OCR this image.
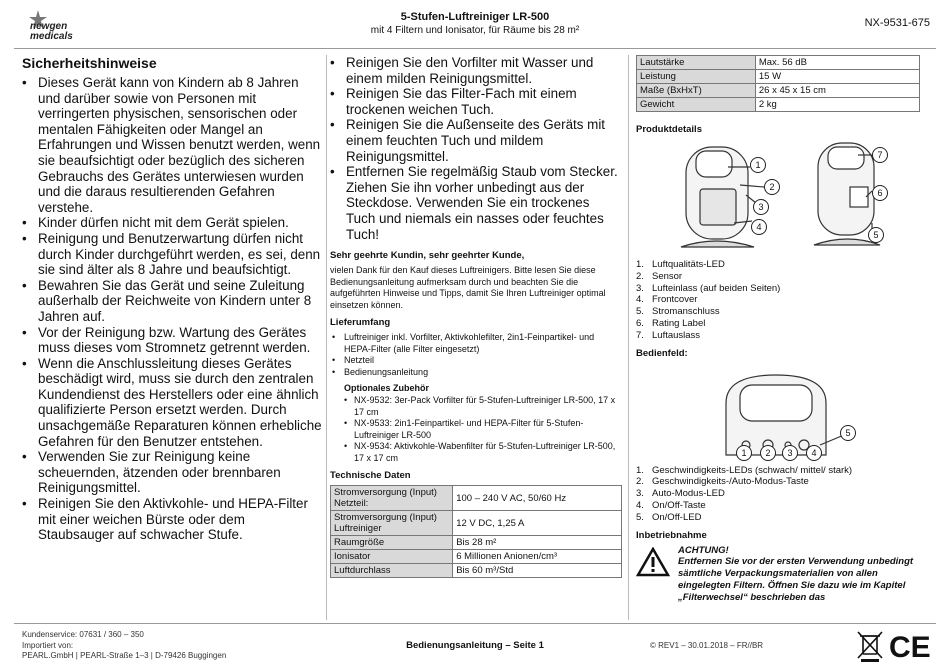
newgen
medicals
5-Stufen-Luftreiniger LR-500
mit 4 Filtern und Ionisator, für Räume bis 28 m²
NX-9531-675
Sicherheitshinweise
• Dieses Gerät kann von Kindern ab 8 Jahren und darüber sowie von Personen mit verringerten physischen, sensorischen oder mentalen Fähigkeiten oder Mangel an Erfahrungen und Wissen benutzt werden, wenn sie beaufsichtigt oder bezüglich des sicheren Gebrauchs des Gerätes unterwiesen wurden und die daraus resultierenden Gefahren verstehe.
• Kinder dürfen nicht mit dem Gerät spielen.
• Reinigung und Benutzerwartung dürfen nicht durch Kinder durchgeführt werden, es sei, denn sie sind älter als 8 Jahre und beaufsichtigt.
• Bewahren Sie das Gerät und seine Zuleitung außerhalb der Reichweite von Kindern unter 8 Jahren auf.
• Vor der Reinigung bzw. Wartung des Gerätes muss dieses vom Stromnetz getrennt werden.
• Wenn die Anschlussleitung dieses Gerätes beschädigt wird, muss sie durch den zentralen Kundendienst des Herstellers oder eine ähnlich qualifizierte Person ersetzt werden. Durch unsachgemäße Reparaturen können erhebliche Gefahren für den Benutzer entstehen.
• Verwenden Sie zur Reinigung keine scheuernden, ätzenden oder brennbaren Reinigungsmittel.
• Reinigen Sie den Aktivkohle- und HEPA-Filter mit einer weichen Bürste oder dem Staubsauger auf schwacher Stufe.
• Reinigen Sie den Vorfilter mit Wasser und einem milden Reinigungsmittel.
• Reinigen Sie das Filter-Fach mit einem trockenen weichen Tuch.
• Reinigen Sie die Außenseite des Geräts mit einem feuchten Tuch und mildem Reinigungsmittel.
• Entfernen Sie regelmäßig Staub vom Stecker. Ziehen Sie ihn vorher unbedingt aus der Steckdose. Verwenden Sie ein trockenes Tuch und niemals ein nasses oder feuchtes Tuch!
Sehr geehrte Kundin, sehr geehrter Kunde,
vielen Dank für den Kauf dieses Luftreinigers. Bitte lesen Sie diese Bedienungsanleitung aufmerksam durch und beachten Sie die aufgeführten Hinweise und Tipps, damit Sie Ihren Luftreiniger optimal einsetzen können.
Lieferumfang
• Luftreiniger inkl. Vorfilter, Aktivkohlefilter, 2in1-Feinpartikel- und HEPA-Filter (alle Filter eingesetzt)
• Netzteil
• Bedienungsanleitung
Optionales Zubehör
• NX-9532: 3er-Pack Vorfilter für 5-Stufen-Luftreiniger LR-500, 17 x 17 cm
• NX-9533: 2in1-Feinpartikel- und HEPA-Filter für 5-Stufen-Luftreiniger LR-500
• NX-9534: Aktivkohle-Wabenfilter für 5-Stufen-Luftreiniger LR-500, 17 x 17 cm
Technische Daten
Stromversorgung (Input) Netzteil:	100 – 240 V AC, 50/60 Hz
Stromversorgung (Input) Luftreiniger	12 V DC, 1,25 A
Raumgröße	Bis 28 m²
Ionisator	6 Millionen Anionen/cm³
Luftdurchlass	Bis 60 m³/Std
Lautstärke	Max. 56 dB
Leistung	15 W
Maße (BxHxT)	26 x 45 x 15 cm
Gewicht	2 kg
Produktdetails
1
2
3
4
5
6
7
1. Luftqualitäts-LED
2. Sensor
3. Lufteinlass (auf beiden Seiten)
4. Frontcover
5. Stromanschluss
6. Rating Label
7. Luftauslass
Bedienfeld:
1	2	3	4
5
1. Geschwindigkeits-LEDs (schwach/ mittel/ stark)
2. Geschwindigkeits-/Auto-Modus-Taste
3. Auto-Modus-LED
4. On/Off-Taste
5. On/Off-LED
Inbetriebnahme
ACHTUNG!
Entfernen Sie vor der ersten Verwendung unbedingt sämtliche Verpackungsmaterialien von allen eingelegten Filtern. Öffnen Sie dazu wie im Kapitel „Filterwechsel“ beschrieben das
Kundenservice: 07631 / 360 – 350
Importiert von:
PEARL.GmbH | PEARL-Straße 1–3 | D-79426 Buggingen
Bedienungsanleitung – Seite 1	© REV1 – 30.01.2018 – FR//BR	CE
